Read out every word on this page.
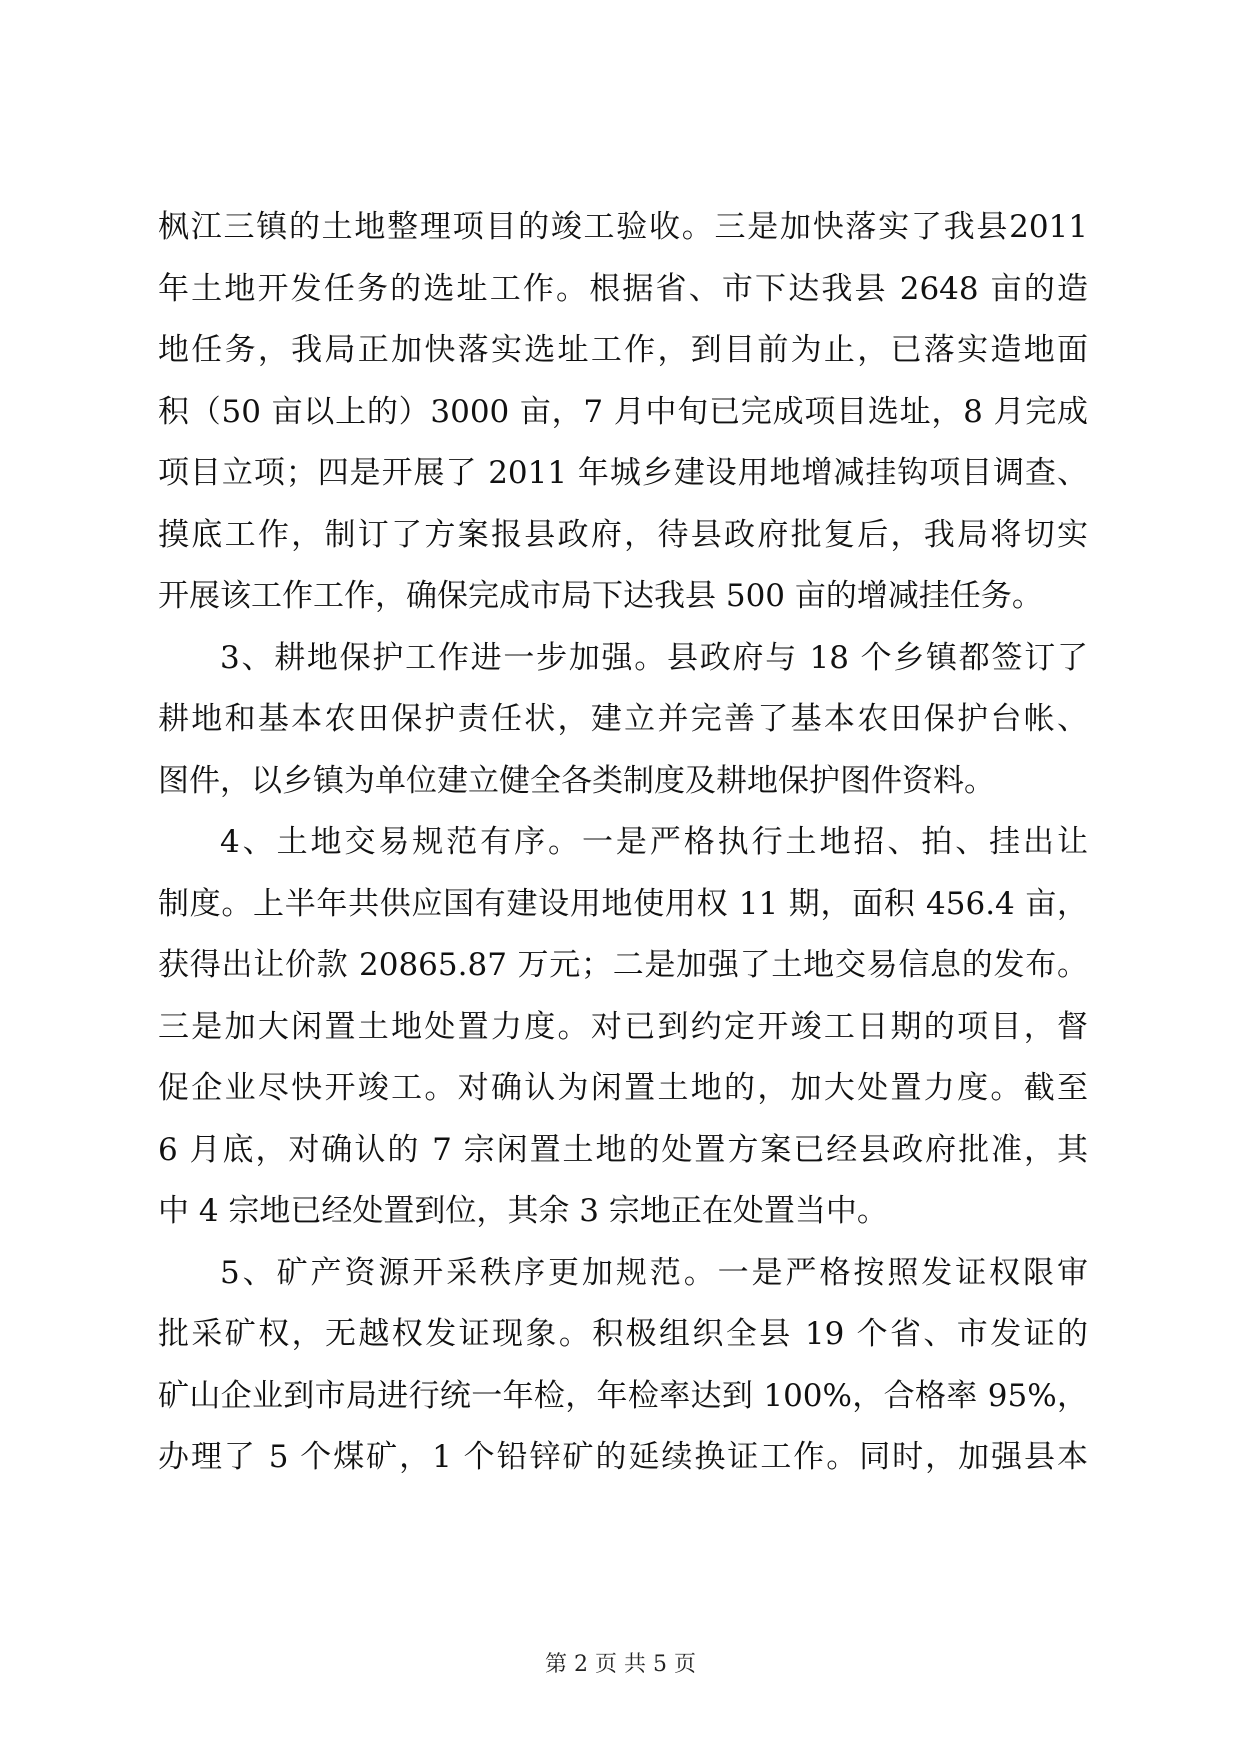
枫江三镇的土地整理项目的竣工验收。三是加快落实了我县2011
年土地开发任务的选址工作。根据省、市下达我县 2648 亩的造
地任务，我局正加快落实选址工作，到目前为止，已落实造地面
积（50 亩以上的）3000 亩，7 月中旬已完成项目选址，8 月完成
项目立项；四是开展了 2011 年城乡建设用地增减挂钩项目调查、
摸底工作，制订了方案报县政府，待县政府批复后，我局将切实
开展该工作工作，确保完成市局下达我县 500 亩的增减挂任务。
3、耕地保护工作进一步加强。县政府与 18 个乡镇都签订了
耕地和基本农田保护责任状，建立并完善了基本农田保护台帐、
图件，以乡镇为单位建立健全各类制度及耕地保护图件资料。
4、土地交易规范有序。一是严格执行土地招、拍、挂出让
制度。上半年共供应国有建设用地使用权 11 期，面积 456.4 亩，
获得出让价款 20865.87 万元；二是加强了土地交易信息的发布。
三是加大闲置土地处置力度。对已到约定开竣工日期的项目，督
促企业尽快开竣工。对确认为闲置土地的，加大处置力度。截至
6 月底，对确认的 7 宗闲置土地的处置方案已经县政府批准，其
中 4 宗地已经处置到位，其余 3 宗地正在处置当中。
5、矿产资源开采秩序更加规范。一是严格按照发证权限审
批采矿权，无越权发证现象。积极组织全县 19 个省、市发证的
矿山企业到市局进行统一年检，年检率达到 100%，合格率 95%，
办理了 5 个煤矿，1 个铅锌矿的延续换证工作。同时，加强县本
第 2 页 共 5 页
